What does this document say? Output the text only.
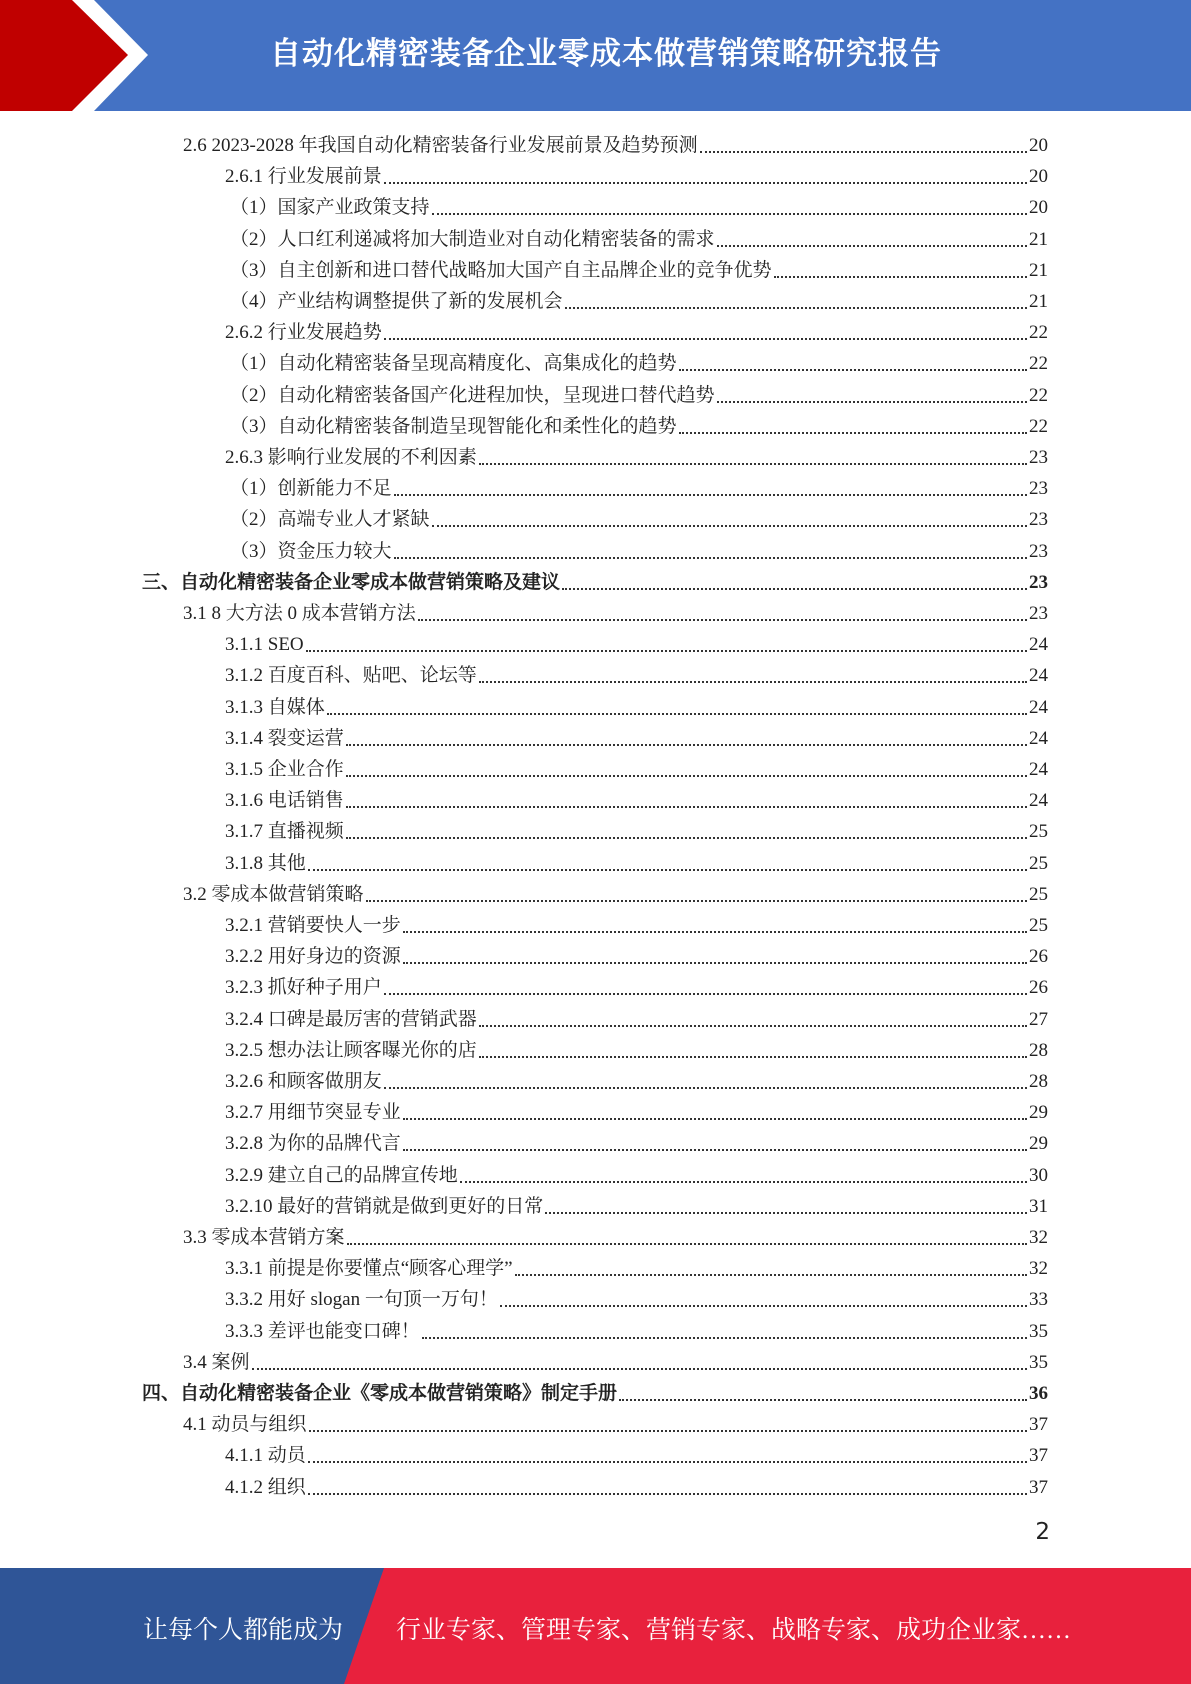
自动化精密装备企业零成本做营销策略研究报告
2.6 2023-2028 年我国自动化精密装备行业发展前景及趋势预测	20
2.6.1 行业发展前景	20
（1）国家产业政策支持	20
（2）人口红利递减将加大制造业对自动化精密装备的需求	21
（3）自主创新和进口替代战略加大国产自主品牌企业的竞争优势	21
（4）产业结构调整提供了新的发展机会	21
2.6.2 行业发展趋势	22
（1）自动化精密装备呈现高精度化、高集成化的趋势	22
（2）自动化精密装备国产化进程加快，呈现进口替代趋势	22
（3）自动化精密装备制造呈现智能化和柔性化的趋势	22
2.6.3 影响行业发展的不利因素	23
（1）创新能力不足	23
（2）高端专业人才紧缺	23
（3）资金压力较大	23
三、自动化精密装备企业零成本做营销策略及建议	23
3.1 8 大方法 0 成本营销方法	23
3.1.1 SEO	24
3.1.2 百度百科、贴吧、论坛等	24
3.1.3 自媒体	24
3.1.4 裂变运营	24
3.1.5 企业合作	24
3.1.6 电话销售	24
3.1.7 直播视频	25
3.1.8 其他	25
3.2 零成本做营销策略	25
3.2.1 营销要快人一步	25
3.2.2 用好身边的资源	26
3.2.3 抓好种子用户	26
3.2.4 口碑是最厉害的营销武器	27
3.2.5 想办法让顾客曝光你的店	28
3.2.6 和顾客做朋友	28
3.2.7 用细节突显专业	29
3.2.8 为你的品牌代言	29
3.2.9 建立自己的品牌宣传地	30
3.2.10 最好的营销就是做到更好的日常	31
3.3 零成本营销方案	32
3.3.1 前提是你要懂点“顾客心理学”	32
3.3.2 用好 slogan 一句顶一万句！	33
3.3.3 差评也能变口碑！	35
3.4 案例	35
四、自动化精密装备企业《零成本做营销策略》制定手册	36
4.1 动员与组织	37
4.1.1 动员	37
4.1.2 组织	37
2
让每个人都能成为 行业专家、管理专家、营销专家、战略专家、成功企业家……
